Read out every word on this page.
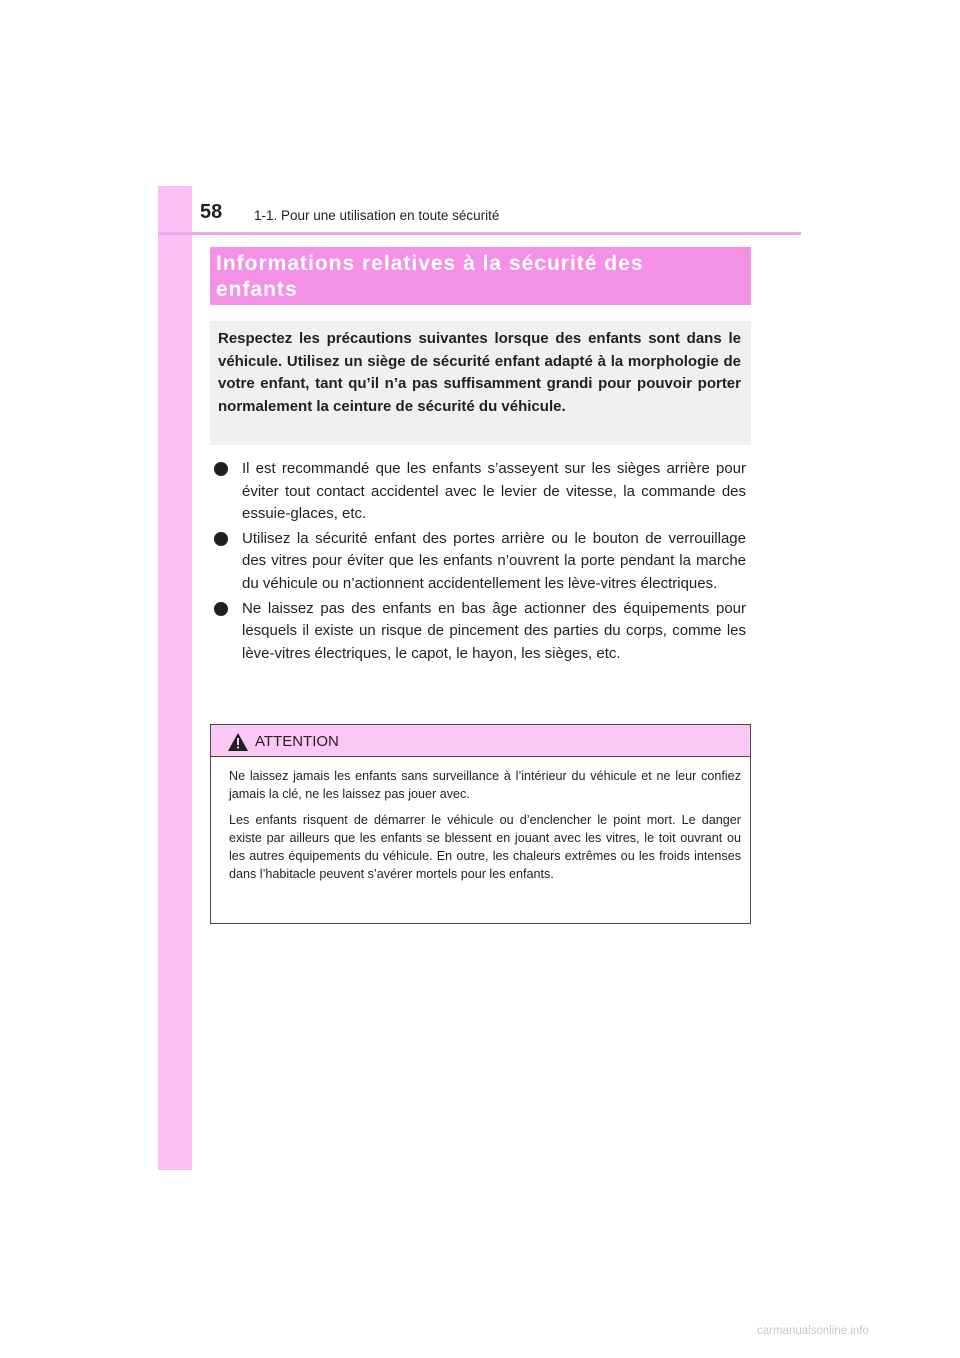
58 1-1. Pour une utilisation en toute sécurité
Informations relatives à la sécurité des
enfants

Respectez les précautions suivantes lorsque des enfants sont dans le véhicule. Utilisez un siège de sécurité enfant adapté à la morphologie de votre enfant, tant qu’il n’a pas suffisamment grandi pour pouvoir porter normalement la ceinture de sécurité du véhicule.

Il est recommandé que les enfants s’asseyent sur les sièges arrière pour éviter tout contact accidentel avec le levier de vitesse, la commande des essuie-glaces, etc.
Utilisez la sécurité enfant des portes arrière ou le bouton de verrouillage des vitres pour éviter que les enfants n’ouvrent la porte pendant la marche du véhicule ou n’actionnent accidentellement les lève-vitres électriques.
Ne laissez pas des enfants en bas âge actionner des équipements pour lesquels il existe un risque de pincement des parties du corps, comme les lève-vitres électriques, le capot, le hayon, les sièges, etc.
ATTENTION

Ne laissez jamais les enfants sans surveillance à l’intérieur du véhicule et ne leur confiez jamais la clé, ne les laissez pas jouer avec.

Les enfants risquent de démarrer le véhicule ou d’enclencher le point mort. Le danger existe par ailleurs que les enfants se blessent en jouant avec les vitres, le toit ouvrant ou les autres équipements du véhicule. En outre, les chaleurs extrêmes ou les froids intenses dans l’habitacle peuvent s’avérer mortels pour les enfants.

carmanualsonline.info
